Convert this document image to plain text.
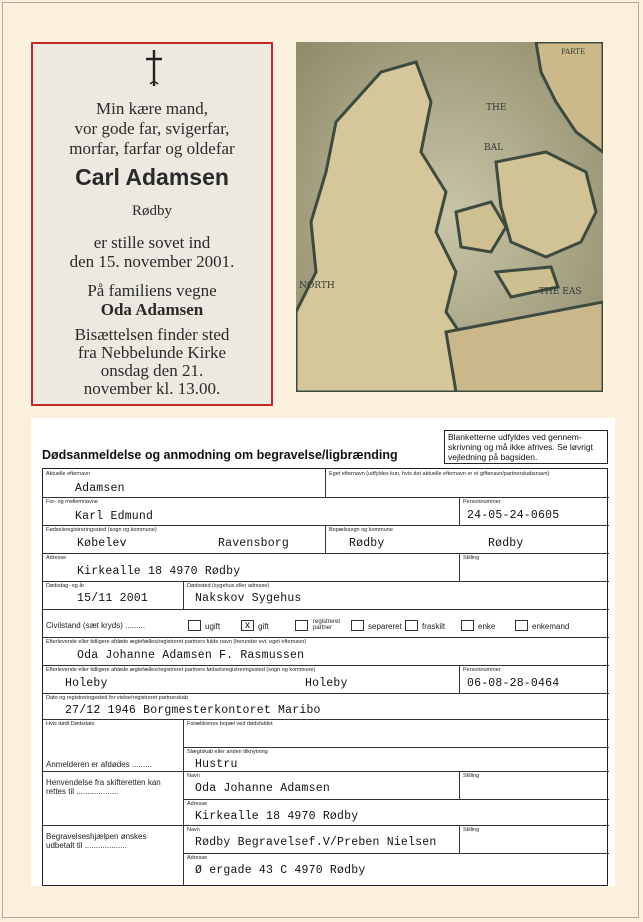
Min kære mand,
vor gode far, svigerfar,
morfar, farfar og oldefar
Carl Adamsen
Rødby
er stille sovet ind
den 15. november 2001.
På familiens vegne
Oda Adamsen
Bisættelsen finder sted
fra Nebbelunde Kirke
onsdag den 21.
november kl. 13.00.
THE
BAL
PARTE
NORTH
THE EAS
Blanketterne udfyldes ved gennem- skrivning og må ikke afrives. Se løvrigt vejledning på bagsiden.
Dødsanmeldelse og anmodning om begravelse/ligbrænding
Aktuelle efternavn
Adamsen
Eget efternavn (udfyldes kun, hvis det aktuelle efternavn er et giftenavn/partnerskabsnavn)
For- og mellemnavne
Karl Edmund
Personnummer
24-05-24-0605
Fødselsregistreringssted (sogn og kommune)
Købelev	Ravensborg
Bopælssogn og kommune
Rødby	Rødby
Adresse
Kirkealle 18 4970 Rødby
Stilling
Dødsdag- og år
15/11 2001
Dødssted (sygehus eller adresse)
Nakskov Sygehus
Civilstand (sæt kryds) .........	ugift	x	gift	registreret partner	separeret	fraskilt	enke	enkemand
Efterlevende eller tidligere afdøde ægtefælles/registreret partners fulde navn (herunder evt. eget efternavn)
Oda Johanne Adamsen F. Rasmussen
Efterlevende eller tidligere afdøde ægtefælles/registreret partners fødselsregistreringssted (sogn og kommune)
Holeby	Holeby
Personnummer
06-08-28-0464
Dato og registreringssted for vielse/registreret partnerskab
27/12 1946 Borgmesterkontoret Maribo
Hvis dødt Dødsdato	Forældrenes bopæl ved dødsfaldet
Slægtskab eller anden tilknytning
Hustru
Anmelderen er afdødes .........
Navn
Oda Johanne Adamsen
Stilling
Henvendelse fra skifteretten kan rettes til ...................
Adresse
Kirkealle 18 4970 Rødby
Navn
Rødby Begravelsef.V/Preben Nielsen
Stilling
Begravelseshjælpen ønskes udbetalt til ...................
Adresse
Ø ergade 43 C 4970 Rødby
